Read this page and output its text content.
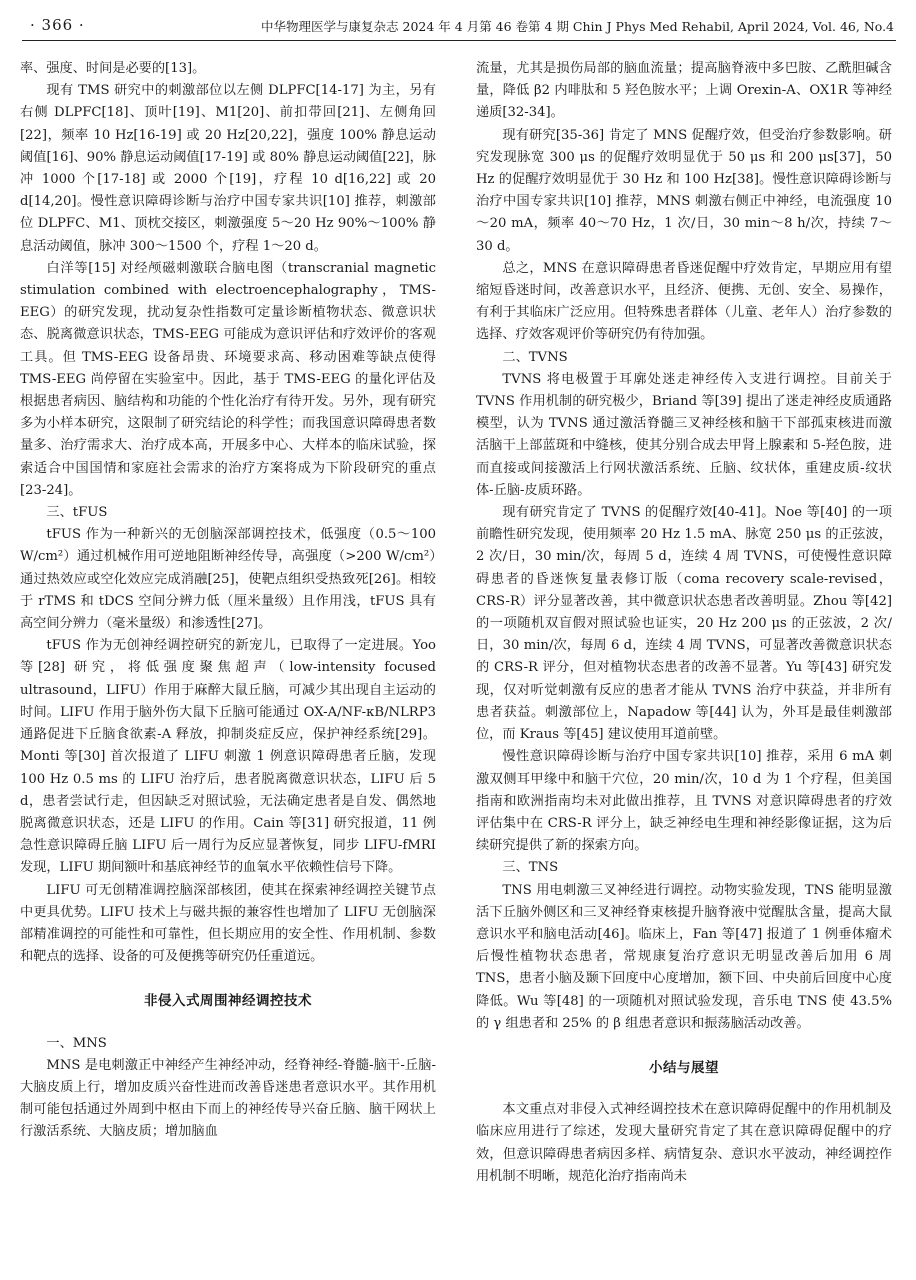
· 366 ·	中华物理医学与康复杂志 2024 年 4 月第 46 卷第 4 期 Chin J Phys Med Rehabil, April 2024, Vol. 46, No.4

率、强度、时间是必要的[13]。

现有 TMS 研究中的刺激部位以左侧 DLPFC[14-17] 为主，另有右侧 DLPFC[18]、顶叶[19]、M1[20]、前扣带回[21]、左侧角回[22]，频率 10 Hz[16-19] 或 20 Hz[20,22]，强度 100% 静息运动阈值[16]、90% 静息运动阈值[17-19] 或 80% 静息运动阈值[22]，脉冲 1000 个[17-18] 或 2000 个[19]，疗程 10 d[16,22] 或 20 d[14,20]。慢性意识障碍诊断与治疗中国专家共识[10] 推荐，刺激部位 DLPFC、M1、顶枕交接区，刺激强度 5～20 Hz 90%～100% 静息活动阈值，脉冲 300～1500 个，疗程 1～20 d。

白洋等[15] 对经颅磁刺激联合脑电图（transcranial magnetic stimulation combined with electroencephalography，TMS-EEG）的研究发现，扰动复杂性指数可定量诊断植物状态、微意识状态、脱离微意识状态，TMS-EEG 可能成为意识评估和疗效评价的客观工具。但 TMS-EEG 设备昂贵、环境要求高、移动困难等缺点使得 TMS-EEG 尚停留在实验室中。因此，基于 TMS-EEG 的量化评估及根据患者病因、脑结构和功能的个性化治疗有待开发。另外，现有研究多为小样本研究，这限制了研究结论的科学性；而我国意识障碍患者数量多、治疗需求大、治疗成本高，开展多中心、大样本的临床试验，探索适合中国国情和家庭社会需求的治疗方案将成为下阶段研究的重点[23-24]。

三、tFUS

tFUS 作为一种新兴的无创脑深部调控技术，低强度（0.5～100 W/cm²）通过机械作用可逆地阻断神经传导，高强度（>200 W/cm²）通过热效应或空化效应完成消融[25]，使靶点组织受热致死[26]。相较于 rTMS 和 tDCS 空间分辨力低（厘米量级）且作用浅，tFUS 具有高空间分辨力（毫米量级）和渗透性[27]。

tFUS 作为无创神经调控研究的新宠儿，已取得了一定进展。Yoo 等[28] 研究，将低强度聚焦超声（low-intensity focused ultrasound，LIFU）作用于麻醉大鼠丘脑，可减少其出现自主运动的时间。LIFU 作用于脑外伤大鼠下丘脑可能通过 OX-A/NF-κB/NLRP3 通路促进下丘脑食欲素-A 释放，抑制炎症反应，保护神经系统[29]。Monti 等[30] 首次报道了 LIFU 刺激 1 例意识障碍患者丘脑，发现 100 Hz 0.5 ms 的 LIFU 治疗后，患者脱离微意识状态，LIFU 后 5 d，患者尝试行走，但因缺乏对照试验，无法确定患者是自发、偶然地脱离微意识状态，还是 LIFU 的作用。Cain 等[31] 研究报道，11 例急性意识障碍丘脑 LIFU 后一周行为反应显著恢复，同步 LIFU-fMRI 发现，LIFU 期间额叶和基底神经节的血氧水平依赖性信号下降。

LIFU 可无创精准调控脑深部核团，使其在探索神经调控关键节点中更具优势。LIFU 技术上与磁共振的兼容性也增加了 LIFU 无创脑深部精准调控的可能性和可靠性，但长期应用的安全性、作用机制、参数和靶点的选择、设备的可及便携等研究仍任重道远。

非侵入式周围神经调控技术

一、MNS

MNS 是电刺激正中神经产生神经冲动，经脊神经-脊髓-脑干-丘脑-大脑皮质上行，增加皮质兴奋性进而改善昏迷患者意识水平。其作用机制可能包括通过外周到中枢由下而上的神经传导兴奋丘脑、脑干网状上行激活系统、大脑皮质；增加脑血

流量，尤其是损伤局部的脑血流量；提高脑脊液中多巴胺、乙酰胆碱含量，降低 β2 内啡肽和 5 羟色胺水平；上调 Orexin-A、OX1R 等神经递质[32-34]。

现有研究[35-36] 肯定了 MNS 促醒疗效，但受治疗参数影响。研究发现脉宽 300 μs 的促醒疗效明显优于 50 μs 和 200 μs[37]，50 Hz 的促醒疗效明显优于 30 Hz 和 100 Hz[38]。慢性意识障碍诊断与治疗中国专家共识[10] 推荐，MNS 刺激右侧正中神经，电流强度 10～20 mA，频率 40～70 Hz，1 次/日，30 min～8 h/次，持续 7～30 d。

总之，MNS 在意识障碍患者昏迷促醒中疗效肯定，早期应用有望缩短昏迷时间，改善意识水平，且经济、便携、无创、安全、易操作，有利于其临床广泛应用。但特殊患者群体（儿童、老年人）治疗参数的选择、疗效客观评价等研究仍有待加强。

二、TVNS

TVNS 将电极置于耳廓处迷走神经传入支进行调控。目前关于 TVNS 作用机制的研究极少，Briand 等[39] 提出了迷走神经皮质通路模型，认为 TVNS 通过激活脊髓三叉神经核和脑干下部孤束核进而激活脑干上部蓝斑和中缝核，使其分别合成去甲肾上腺素和 5-羟色胺，进而直接或间接激活上行网状激活系统、丘脑、纹状体，重建皮质-纹状体-丘脑-皮质环路。

现有研究肯定了 TVNS 的促醒疗效[40-41]。Noe 等[40] 的一项前瞻性研究发现，使用频率 20 Hz 1.5 mA、脉宽 250 μs 的正弦波，2 次/日，30 min/次，每周 5 d，连续 4 周 TVNS，可使慢性意识障碍患者的昏迷恢复量表修订版（coma recovery scale-revised，CRS-R）评分显著改善，其中微意识状态患者改善明显。Zhou 等[42] 的一项随机双盲假对照试验也证实，20 Hz 200 μs 的正弦波，2 次/日，30 min/次，每周 6 d，连续 4 周 TVNS，可显著改善微意识状态的 CRS-R 评分，但对植物状态患者的改善不显著。Yu 等[43] 研究发现，仅对听觉刺激有反应的患者才能从 TVNS 治疗中获益，并非所有患者获益。刺激部位上，Napadow 等[44] 认为，外耳是最佳刺激部位，而 Kraus 等[45] 建议使用耳道前壁。

慢性意识障碍诊断与治疗中国专家共识[10] 推荐，采用 6 mA 刺激双侧耳甲缘中和脑干穴位，20 min/次，10 d 为 1 个疗程，但美国指南和欧洲指南均未对此做出推荐，且 TVNS 对意识障碍患者的疗效评估集中在 CRS-R 评分上，缺乏神经电生理和神经影像证据，这为后续研究提供了新的探索方向。

三、TNS

TNS 用电刺激三叉神经进行调控。动物实验发现，TNS 能明显激活下丘脑外侧区和三叉神经脊束核提升脑脊液中觉醒肽含量，提高大鼠意识水平和脑电活动[46]。临床上，Fan 等[47] 报道了 1 例垂体瘤术后慢性植物状态患者，常规康复治疗意识无明显改善后加用 6 周 TNS，患者小脑及颞下回度中心度增加，额下回、中央前后回度中心度降低。Wu 等[48] 的一项随机对照试验发现，音乐电 TNS 使 43.5% 的 γ 组患者和 25% 的 β 组患者意识和振荡脑活动改善。

小结与展望

本文重点对非侵入式神经调控技术在意识障碍促醒中的作用机制及临床应用进行了综述，发现大量研究肯定了其在意识障碍促醒中的疗效，但意识障碍患者病因多样、病情复杂、意识水平波动，神经调控作用机制不明晰，规范化治疗指南尚未
